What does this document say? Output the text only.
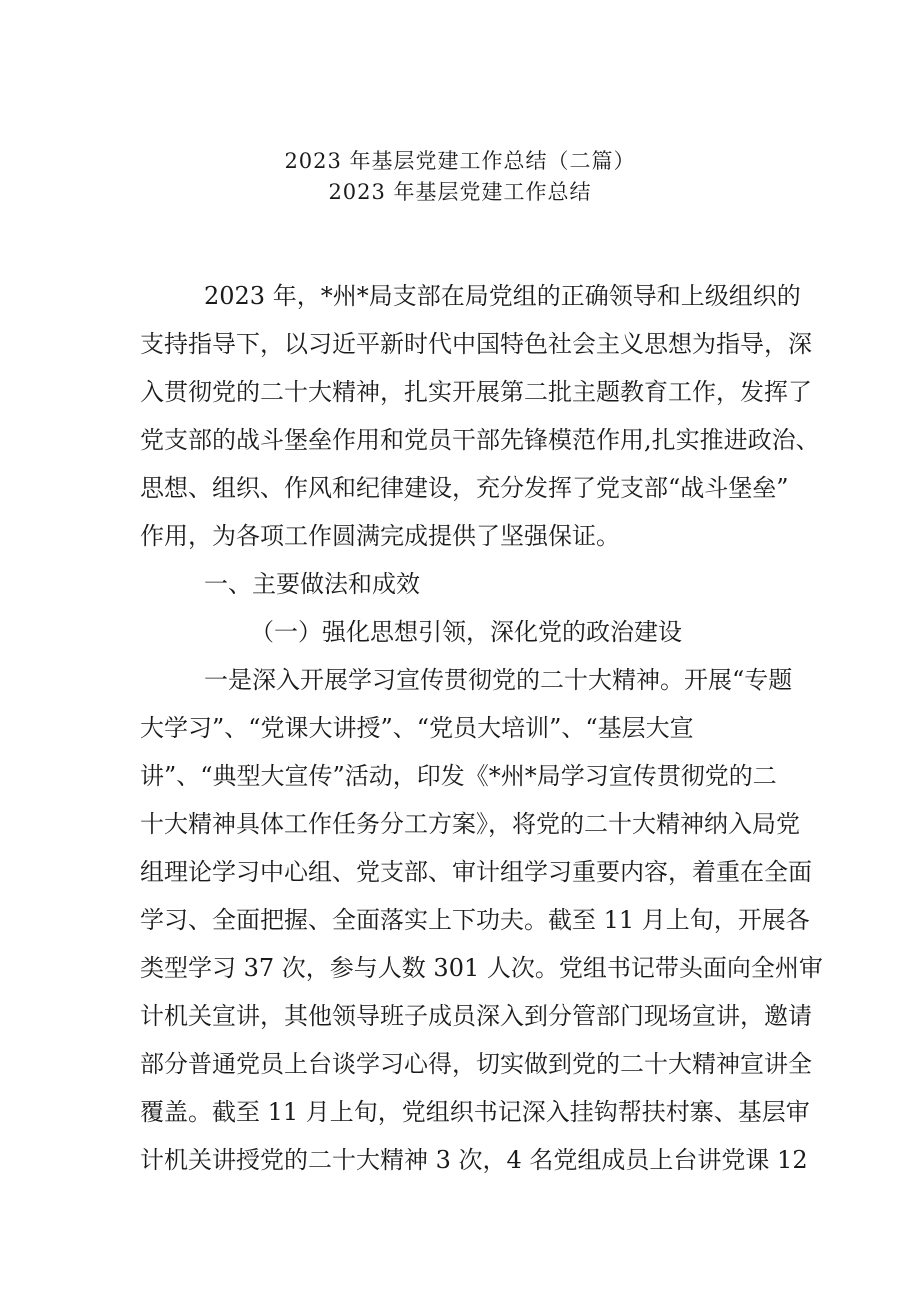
2023 年基层党建工作总结（二篇）
2023 年基层党建工作总结
2023 年，*州*局支部在局党组的正确领导和上级组织的
支持指导下，以习近平新时代中国特色社会主义思想为指导，深
入贯彻党的二十大精神，扎实开展第二批主题教育工作，发挥了
党支部的战斗堡垒作用和党员干部先锋模范作用,扎实推进政治、
思想、组织、作风和纪律建设，充分发挥了党支部“战斗堡垒”
作用，为各项工作圆满完成提供了坚强保证。
一、主要做法和成效
（一）强化思想引领，深化党的政治建设
一是深入开展学习宣传贯彻党的二十大精神。开展“专题
大学习”、“党课大讲授”、“党员大培训”、“基层大宣
讲”、“典型大宣传”活动，印发《*州*局学习宣传贯彻党的二
十大精神具体工作任务分工方案》，将党的二十大精神纳入局党
组理论学习中心组、党支部、审计组学习重要内容，着重在全面
学习、全面把握、全面落实上下功夫。截至 11 月上旬，开展各
类型学习 37 次，参与人数 301 人次。党组书记带头面向全州审
计机关宣讲，其他领导班子成员深入到分管部门现场宣讲，邀请
部分普通党员上台谈学习心得，切实做到党的二十大精神宣讲全
覆盖。截至 11 月上旬，党组织书记深入挂钩帮扶村寨、基层审
计机关讲授党的二十大精神 3 次，4 名党组成员上台讲党课 12
